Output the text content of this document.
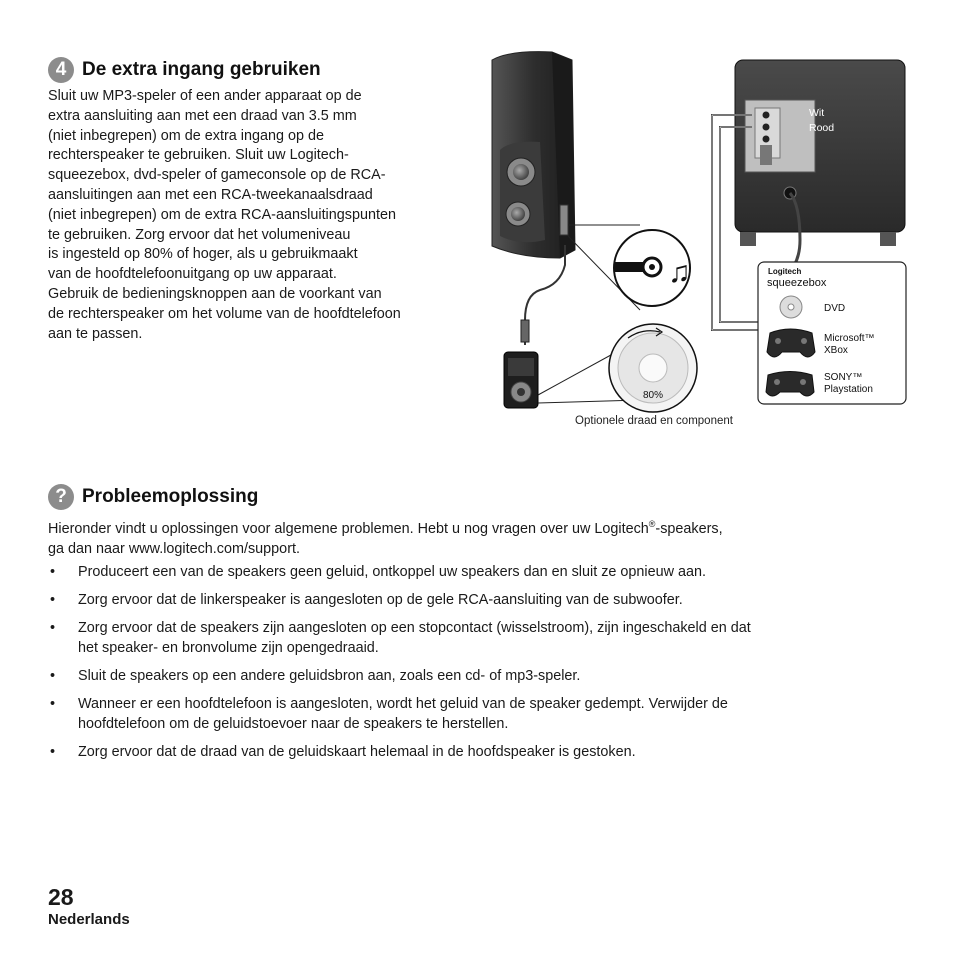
4 De extra ingang gebruiken

Sluit uw MP3-speler of een ander apparaat op de

extra aansluiting aan met een draad van 3.5 mm

(niet inbegrepen) om de extra ingang op de

rechterspeaker te gebruiken. Sluit uw Logitech-

squeezebox, dvd-speler of gameconsole op de RCA-

aansluitingen aan met een RCA-tweekanaalsdraad

(niet inbegrepen) om de extra RCA-aansluitingspunten

te gebruiken. Zorg ervoor dat het volumeniveau

is ingesteld op 80% of hoger, als u gebruikmaakt

van de hoofdtelefoonuitgang op uw apparaat.

Gebruik de bedieningsknoppen aan de voorkant van

de rechterspeaker om het volume van de hoofdtelefoon

aan te passen.

♫
80%
Wit
Rood
Logitech
squeezebox
DVD
Microsoft™
XBox
SONY™
Playstation
Optionele draad en component
? Probleemoplossing

Hieronder vindt u oplossingen voor algemene problemen. Hebt u nog vragen over uw Logitech®-speakers,

ga dan naar www.logitech.com/support.

• Produceert een van de speakers geen geluid, ontkoppel uw speakers dan en sluit ze opnieuw aan.
• Zorg ervoor dat de linkerspeaker is aangesloten op de gele RCA-aansluiting van de subwoofer.
• Zorg ervoor dat de speakers zijn aangesloten op een stopcontact (wisselstroom), zijn ingeschakeld en dat
het speaker- en bronvolume zijn opengedraaid.
• Sluit de speakers op een andere geluidsbron aan, zoals een cd- of mp3-speler.
• Wanneer er een hoofdtelefoon is aangesloten, wordt het geluid van de speaker gedempt. Verwijder de
hoofdtelefoon om de geluidstoevoer naar de speakers te herstellen.
• Zorg ervoor dat de draad van de geluidskaart helemaal in de hoofdspeaker is gestoken.
28
Nederlands
